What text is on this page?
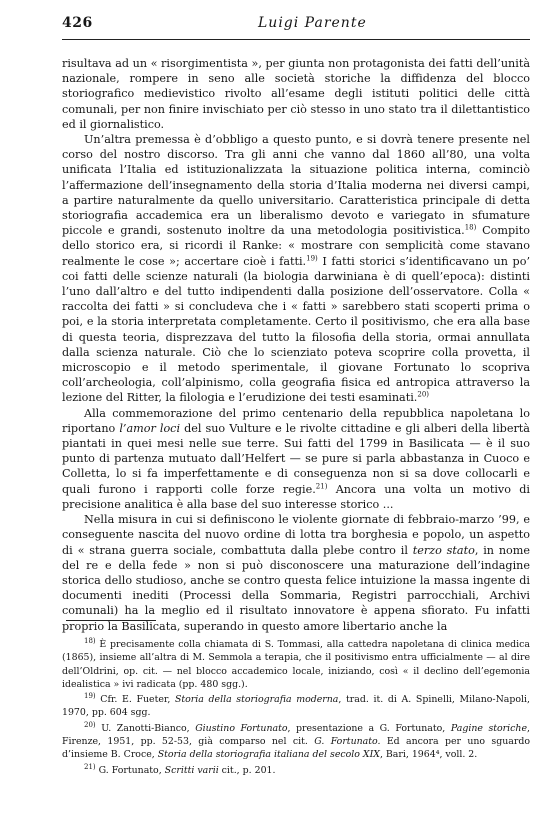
426	Luigi Parente

risultava ad un « risorgimentista », per giunta non protagonista dei fatti dell’unità nazionale, rompere in seno alle società storiche la diffidenza del blocco storiografico medievistico rivolto all’esame degli istituti politici delle città comunali, per non finire invischiato per ciò stesso in uno stato tra il dilettantistico ed il giornalistico.

Un’altra premessa è d’obbligo a questo punto, e si dovrà tenere presente nel corso del nostro discorso. Tra gli anni che vanno dal 1860 all’80, una volta unificata l’Italia ed istituzionalizzata la situazione politica interna, cominciò l’affermazione dell’insegnamento della storia d’Italia moderna nei diversi campi, a partire naturalmente da quello universitario. Caratteristica principale di detta storiografia accademica era un liberalismo devoto e variegato in sfumature piccole e grandi, sostenuto inoltre da una metodologia positivistica.$^{18)}$ Compito dello storico era, si ricordi il Ranke: « mostrare con semplicità come stavano realmente le cose »; accertare cioè i fatti.$^{19)}$ I fatti storici s’identificavano un po’ coi fatti delle scienze naturali (la biologia darwiniana è di quell’epoca): distinti l’uno dall’altro e del tutto indipendenti dalla posizione dell’osservatore. Colla « raccolta dei fatti » si concludeva che i « fatti » sarebbero stati scoperti prima o poi, e la storia interpretata completamente. Certo il positivismo, che era alla base di questa teoria, disprezzava del tutto la filosofia della storia, ormai annullata dalla scienza naturale. Ciò che lo scienziato poteva scoprire colla provetta, il microscopio e il metodo sperimentale, il giovane Fortunato lo scopriva coll’archeologia, coll’alpinismo, colla geografia fisica ed antropica attraverso la lezione del Ritter, la filologia e l’erudizione dei testi esaminati.$^{20)}$

Alla commemorazione del primo centenario della repubblica napoletana lo riportano l’amor loci del suo Vulture e le rivolte cittadine e gli alberi della libertà piantati in quei mesi nelle sue terre. Sui fatti del 1799 in Basilicata — è il suo punto di partenza mutuato dall’Helfert — se pure si parla abbastanza in Cuoco e Colletta, lo si fa imperfettamente e di conseguenza non si sa dove collocarli e quali furono i rapporti colle forze regie.$^{21)}$ Ancora una volta un motivo di precisione analitica è alla base del suo interesse storico ...

Nella misura in cui si definiscono le violente giornate di febbraio-marzo ’99, e conseguente nascita del nuovo ordine di lotta tra borghesia e popolo, un aspetto di « strana guerra sociale, combattuta dalla plebe contro il terzo stato, in nome del re e della fede » non si può disconoscere una maturazione dell’indagine storica dello studioso, anche se contro questa felice intuizione la massa ingente di documenti inediti (Processi della Sommaria, Registri parrocchiali, Archivi comunali) ha la meglio ed il risultato innovatore è appena sfiorato. Fu infatti proprio la Basilicata, superando in questo amore libertario anche la

$^{18)}$ È precisamente colla chiamata di S. Tommasi, alla cattedra napoletana di clinica medica (1865), insieme all’altra di M. Semmola a terapia, che il positivismo entra ufficialmente — al dire dell’Oldrini, op. cit. — nel blocco accademico locale, iniziando, così « il declino dell’egemonia idealistica » ivi radicata (pp. 480 sgg.).

$^{19)}$ Cfr. E. Fueter, Storia della storiografia moderna, trad. it. di A. Spinelli, Milano-Napoli, 1970, pp. 604 sgg.

$^{20)}$ U. Zanotti-Bianco, Giustino Fortunato, presentazione a G. Fortunato, Pagine storiche, Firenze, 1951, pp. 52-53, già comparso nel cit. G. Fortunato. Ed ancora per uno sguardo d’insieme B. Croce, Storia della storiografia italiana del secolo XIX, Bari, 1964⁴, voll. 2.

$^{21)}$ G. Fortunato, Scritti varii cit., p. 201.
